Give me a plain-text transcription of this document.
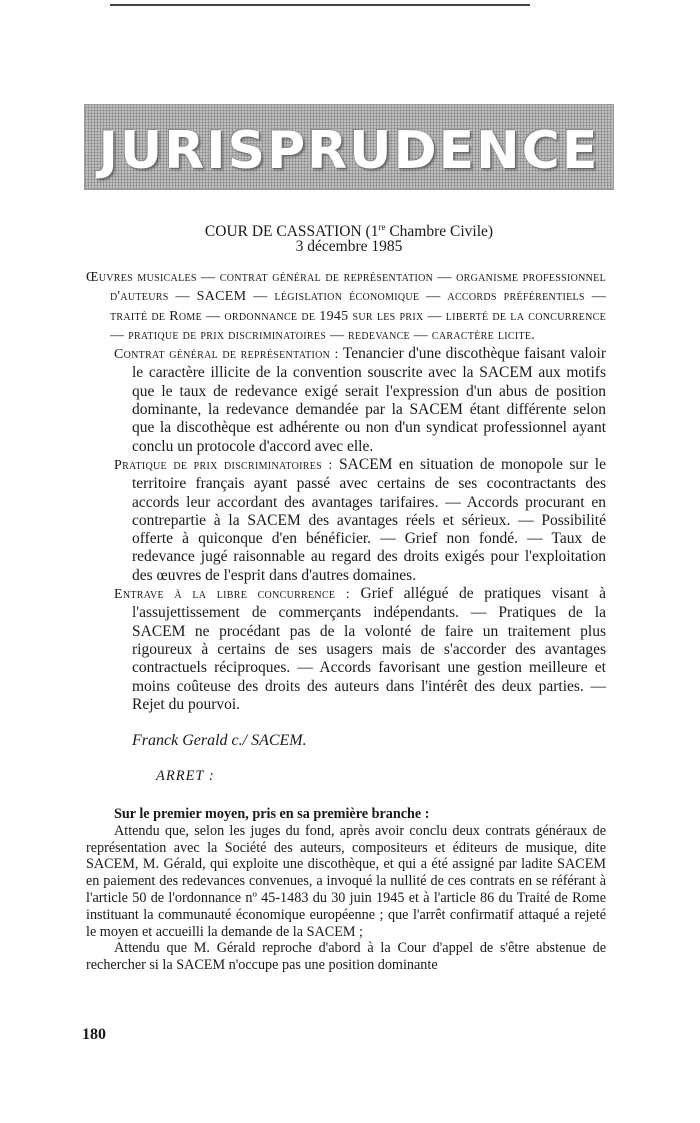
JURISPRUDENCE
COUR DE CASSATION (1re Chambre Civile)
3 décembre 1985

Œuvres musicales — contrat général de représentation — organisme professionnel d'auteurs — SACEM — législation économique — accords préférentiels — traité de Rome — ordonnance de 1945 sur les prix — liberté de la concurrence — pratique de prix discriminatoires — redevance — caractère licite.

Contrat général de représentation : Tenancier d'une discothèque faisant valoir le caractère illicite de la convention souscrite avec la SACEM aux motifs que le taux de redevance exigé serait l'expression d'un abus de position dominante, la redevance demandée par la SACEM étant différente selon que la discothèque est adhérente ou non d'un syndicat professionnel ayant conclu un protocole d'accord avec elle.

Pratique de prix discriminatoires : SACEM en situation de monopole sur le territoire français ayant passé avec certains de ses cocontractants des accords leur accordant des avantages tarifaires. — Accords procurant en contrepartie à la SACEM des avantages réels et sérieux. — Possibilité offerte à quiconque d'en bénéficier. — Grief non fondé. — Taux de redevance jugé raisonnable au regard des droits exigés pour l'exploitation des œuvres de l'esprit dans d'autres domaines.

Entrave à la libre concurrence : Grief allégué de pratiques visant à l'assujettissement de commerçants indépendants. — Pratiques de la SACEM ne procédant pas de la volonté de faire un traitement plus rigoureux à certains de ses usagers mais de s'accorder des avantages contractuels réciproques. — Accords favorisant une gestion meilleure et moins coûteuse des droits des auteurs dans l'intérêt des deux parties. — Rejet du pourvoi.

Franck Gerald c./ SACEM.
ARRET :

Sur le premier moyen, pris en sa première branche :

Attendu que, selon les juges du fond, après avoir conclu deux contrats généraux de représentation avec la Société des auteurs, compositeurs et éditeurs de musique, dite SACEM, M. Gérald, qui exploite une discothèque, et qui a été assigné par ladite SACEM en paiement des redevances convenues, a invoqué la nullité de ces contrats en se référant à l'article 50 de l'ordonnance nº 45-1483 du 30 juin 1945 et à l'article 86 du Traité de Rome instituant la communauté économique européenne ; que l'arrêt confirmatif attaqué a rejeté le moyen et accueilli la demande de la SACEM ;

Attendu que M. Gérald reproche d'abord à la Cour d'appel de s'être abstenue de rechercher si la SACEM n'occupe pas une position dominante

180
